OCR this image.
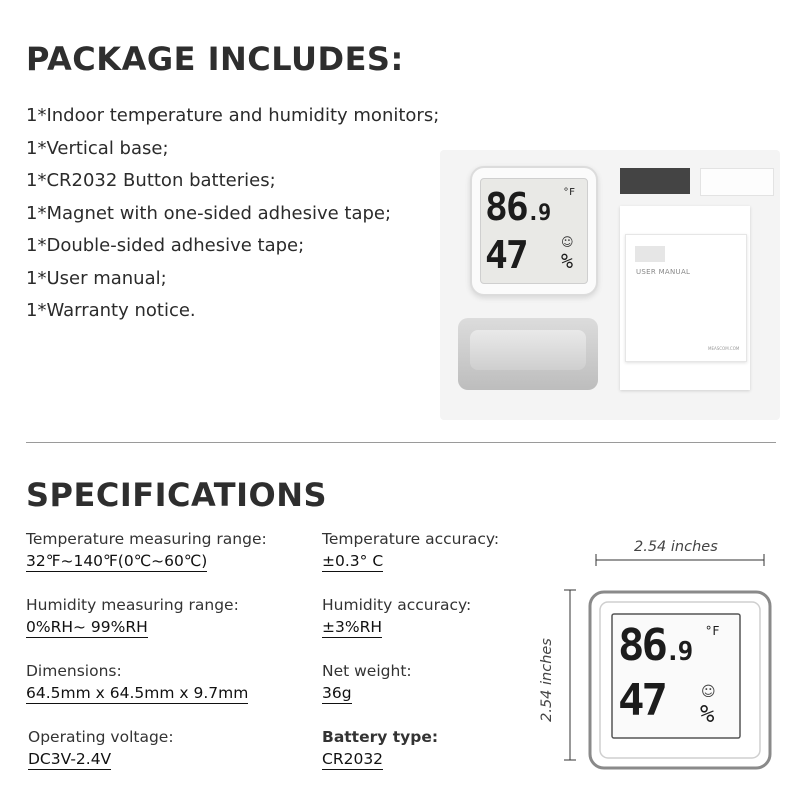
PACKAGE INCLUDES:
1*Indoor temperature and humidity monitors;
1*Vertical base;
1*CR2032 Button batteries;
1*Magnet with one-sided adhesive tape;
1*Double-sided adhesive tape;
1*User manual;
1*Warranty notice.
86.9
°F
47 %
☺
USER MANUAL
MEASCOM.COM
SPECIFICATIONS
Temperature measuring range:
32℉~140℉(0℃~60℃)
Humidity measuring range:
0%RH~ 99%RH
Dimensions:
64.5mm x 64.5mm x 9.7mm
Operating voltage:
DC3V-2.4V
Temperature accuracy:
±0.3° C
Humidity accuracy:
±3%RH
Net weight:
36g
Battery type:
CR2032
2.54 inches
2.54 inches 86.9
°F
47 %
☺
